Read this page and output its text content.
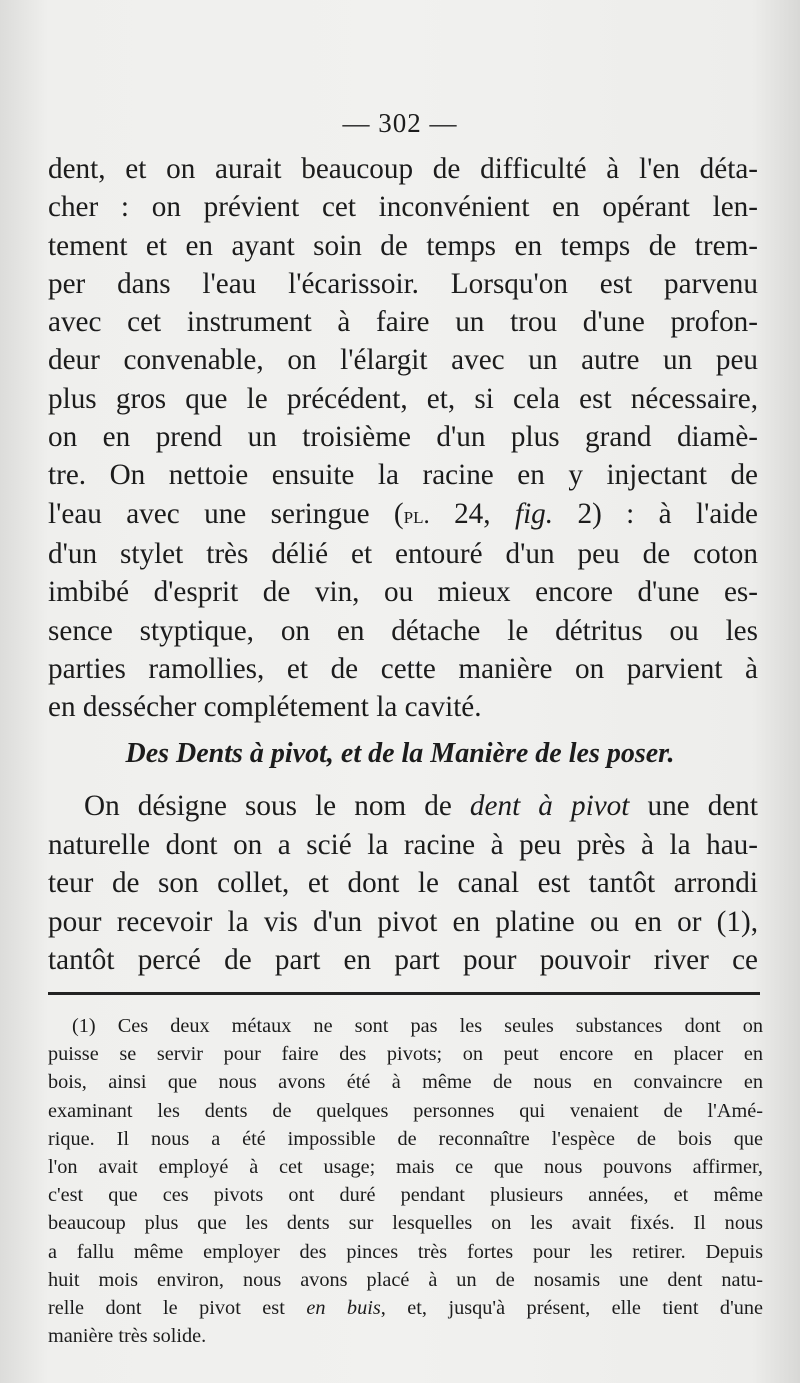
— 302 —
dent, et on aurait beaucoup de difficulté à l'en déta-
cher : on prévient cet inconvénient en opérant len-
tement et en ayant soin de temps en temps de trem-
per dans l'eau l'écarissoir. Lorsqu'on est parvenu
avec cet instrument à faire un trou d'une profon-
deur convenable, on l'élargit avec un autre un peu
plus gros que le précédent, et, si cela est nécessaire,
on en prend un troisième d'un plus grand diamè-
tre. On nettoie ensuite la racine en y injectant de
l'eau avec une seringue (pl. 24, fig. 2) : à l'aide
d'un stylet très délié et entouré d'un peu de coton
imbibé d'esprit de vin, ou mieux encore d'une es-
sence styptique, on en détache le détritus ou les
parties ramollies, et de cette manière on parvient à
en dessécher complétement la cavité.
Des Dents à pivot, et de la Manière de les poser.
On désigne sous le nom de dent à pivot une dent
naturelle dont on a scié la racine à peu près à la hau-
teur de son collet, et dont le canal est tantôt arrondi
pour recevoir la vis d'un pivot en platine ou en or (1),
tantôt percé de part en part pour pouvoir river ce
(1) Ces deux métaux ne sont pas les seules substances dont on
puisse se servir pour faire des pivots; on peut encore en placer en
bois, ainsi que nous avons été à même de nous en convaincre en
examinant les dents de quelques personnes qui venaient de l'Amé-
rique. Il nous a été impossible de reconnaître l'espèce de bois que
l'on avait employé à cet usage; mais ce que nous pouvons affirmer,
c'est que ces pivots ont duré pendant plusieurs années, et même
beaucoup plus que les dents sur lesquelles on les avait fixés. Il nous
a fallu même employer des pinces très fortes pour les retirer. Depuis
huit mois environ, nous avons placé à un de nosamis une dent natu-
relle dont le pivot est en buis, et, jusqu'à présent, elle tient d'une
manière très solide.
